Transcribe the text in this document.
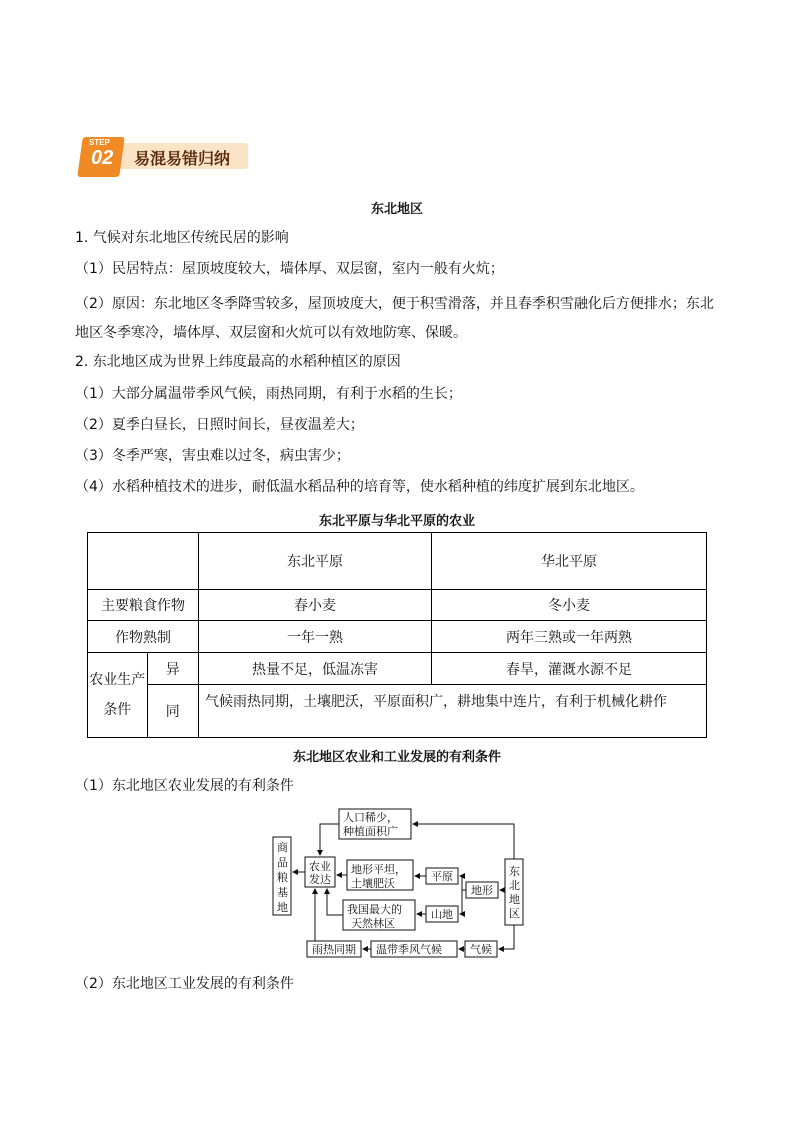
STEP
02 易混易错归纳
东北地区
1. 气候对东北地区传统民居的影响
（1）民居特点：屋顶坡度较大，墙体厚、双层窗，室内一般有火炕；
（2）原因：东北地区冬季降雪较多，屋顶坡度大，便于积雪滑落，并且春季积雪融化后方便排水；东北地区冬季寒冷，墙体厚、双层窗和火炕可以有效地防寒、保暖。
2. 东北地区成为世界上纬度最高的水稻种植区的原因
（1）大部分属温带季风气候，雨热同期，有利于水稻的生长；
（2）夏季白昼长，日照时间长，昼夜温差大；
（3）冬季严寒，害虫难以过冬，病虫害少；
（4）水稻种植技术的进步，耐低温水稻品种的培育等，使水稻种植的纬度扩展到东北地区。
东北平原与华北平原的农业
		东北平原	华北平原
主要粮食作物		春小麦	冬小麦
作物熟制		一年一熟	两年三熟或一年两熟
农业生产条件	异	热量不足，低温冻害	春旱，灌溉水源不足
	同	气候雨热同期，土壤肥沃，平原面积广，耕地集中连片，有利于机械化耕作	
东北地区农业和工业发展的有利条件
（1）东北地区农业发展的有利条件
商 品 粮 基 地
农业 发达
人口稀少， 种植面积广
地形平坦， 土壤肥沃
我国最大的 天然林区
平原
山地
地形
东 北 地 区
雨热同期 温带季风气候	气候
（2）东北地区工业发展的有利条件
